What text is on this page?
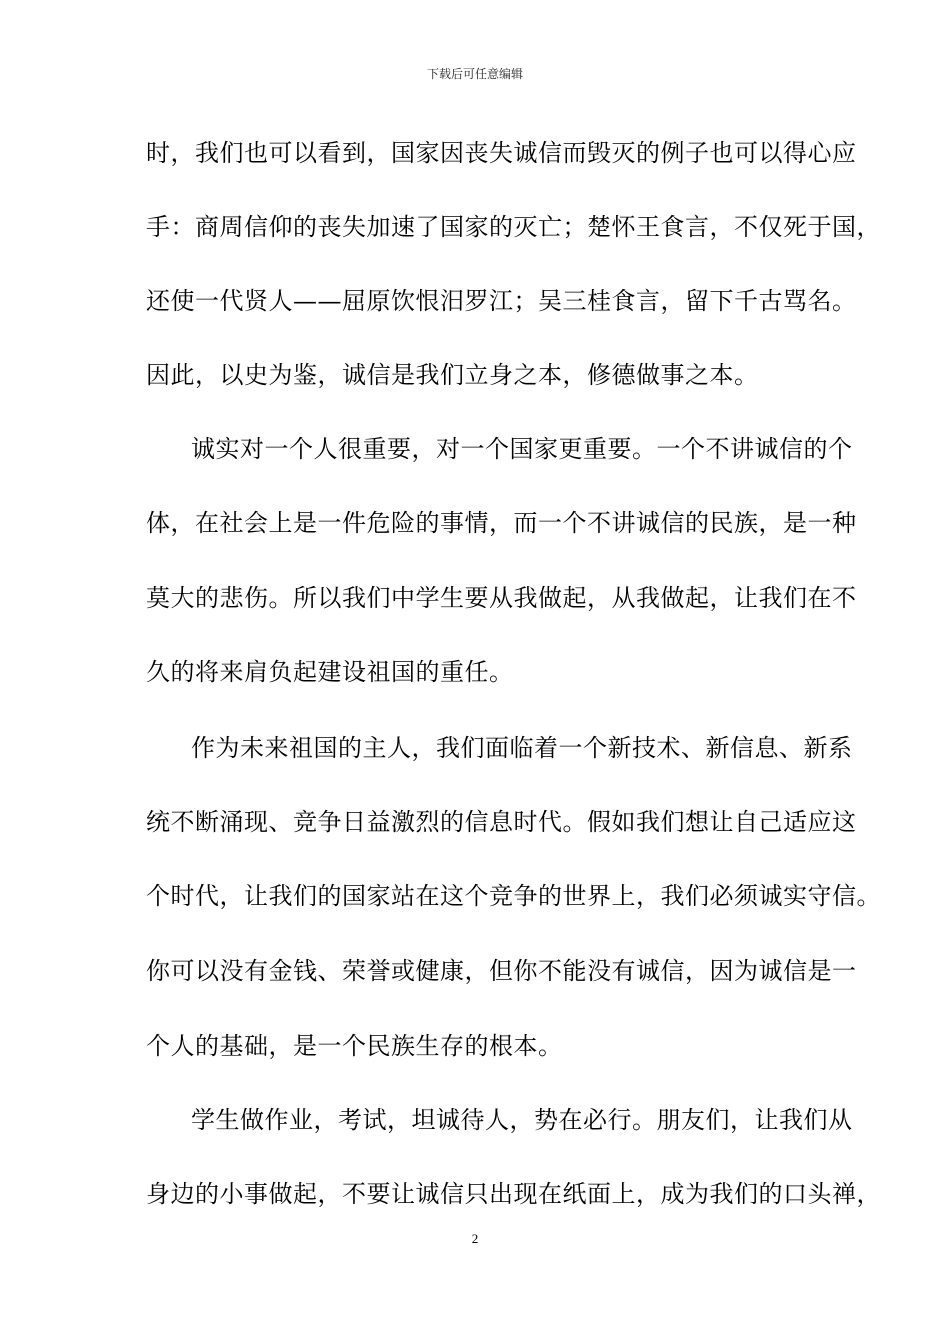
下载后可任意编辑
时，我们也可以看到，国家因丧失诚信而毁灭的例子也可以得心应
手：商周信仰的丧失加速了国家的灭亡；楚怀王食言，不仅死于国，
还使一代贤人——屈原饮恨汨罗江；吴三桂食言，留下千古骂名。
因此，以史为鉴，诚信是我们立身之本，修德做事之本。
诚实对一个人很重要，对一个国家更重要。一个不讲诚信的个
体，在社会上是一件危险的事情，而一个不讲诚信的民族，是一种
莫大的悲伤。所以我们中学生要从我做起，从我做起，让我们在不
久的将来肩负起建设祖国的重任。
作为未来祖国的主人，我们面临着一个新技术、新信息、新系
统不断涌现、竞争日益激烈的信息时代。假如我们想让自己适应这
个时代，让我们的国家站在这个竞争的世界上，我们必须诚实守信。
你可以没有金钱、荣誉或健康，但你不能没有诚信，因为诚信是一
个人的基础，是一个民族生存的根本。
学生做作业，考试，坦诚待人，势在必行。朋友们，让我们从
身边的小事做起，不要让诚信只出现在纸面上，成为我们的口头禅，
2
